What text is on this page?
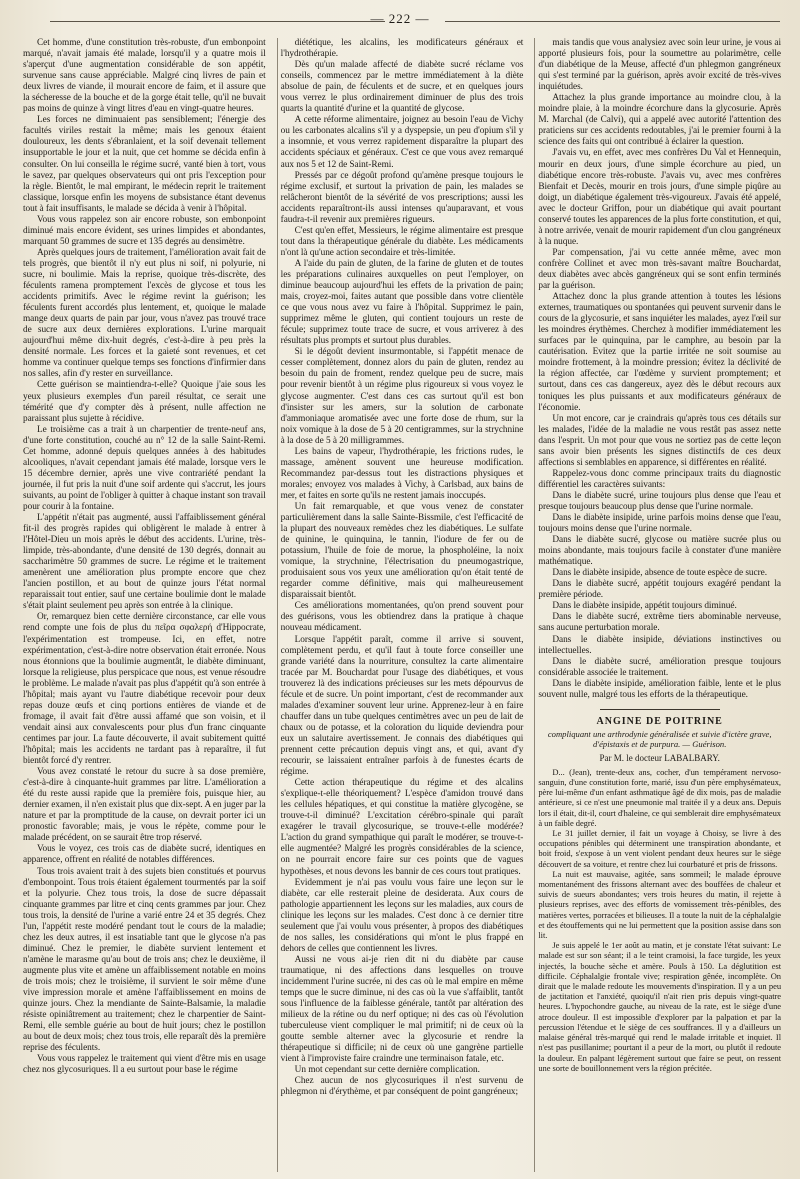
— 222 —

Cet homme, d'une constitution très-robuste, d'un embonpoint marqué, n'avait jamais été malade, lorsqu'il y a quatre mois il s'aperçut d'une augmentation considérable de son appétit, survenue sans cause appréciable. Malgré cinq livres de pain et deux livres de viande, il mourait encore de faim, et il assure que la sécheresse de la bouche et de la gorge était telle, qu'il ne buvait pas moins de quinze à vingt litres d'eau en vingt-quatre heures.

Les forces ne diminuaient pas sensiblement; l'énergie des facultés viriles restait la même; mais les genoux étaient douloureux, les dents s'ébranlaient, et la soif devenait tellement insupportable le jour et la nuit, que cet homme se décida enfin à consulter. On lui conseilla le régime sucré, vanté bien à tort, vous le savez, par quelques observateurs qui ont pris l'exception pour la règle. Bientôt, le mal empirant, le médecin reprit le traitement classique, lorsque enfin les moyens de subsistance étant devenus tout à fait insuffisants, le malade se décida à venir à l'hôpital.

Vous vous rappelez son air encore robuste, son embonpoint diminué mais encore évident, ses urines limpides et abondantes, marquant 50 grammes de sucre et 135 degrés au densimètre.

Après quelques jours de traitement, l'amélioration avait fait de tels progrès, que bientôt il n'y eut plus ni soif, ni polyurie, ni sucre, ni boulimie. Mais la reprise, quoique très-discrète, des féculents ramena promptement l'excès de glycose et tous les accidents primitifs. Avec le régime revint la guérison; les féculents furent accordés plus lentement, et, quoique le malade mange deux quarts de pain par jour, vous n'avez pas trouvé trace de sucre aux deux dernières explorations. L'urine marquait aujourd'hui même dix-huit degrés, c'est-à-dire à peu près la densité normale. Les forces et la gaieté sont revenues, et cet homme va continuer quelque temps ses fonctions d'infirmier dans nos salles, afin d'y rester en surveillance.

Cette guérison se maintiendra-t-elle? Quoique j'aie sous les yeux plusieurs exemples d'un pareil résultat, ce serait une témérité que d'y compter dès à présent, nulle affection ne paraissant plus sujette à récidive.

Le troisième cas a trait à un charpentier de trente-neuf ans, d'une forte constitution, couché au n° 12 de la salle Saint-Remi. Cet homme, adonné depuis quelques années à des habitudes alcooliques, n'avait cependant jamais été malade, lorsque vers le 15 décembre dernier, après une vive contrariété pendant la journée, il fut pris la nuit d'une soif ardente qui s'accrut, les jours suivants, au point de l'obliger à quitter à chaque instant son travail pour courir à la fontaine.

L'appétit n'était pas augmenté, aussi l'affaiblissement général fit-il des progrès rapides qui obligèrent le malade à entrer à l'Hôtel-Dieu un mois après le début des accidents. L'urine, très-limpide, très-abondante, d'une densité de 130 degrés, donnait au saccharimètre 50 grammes de sucre. Le régime et le traitement amenèrent une amélioration plus prompte encore que chez l'ancien postillon, et au bout de quinze jours l'état normal reparaissait tout entier, sauf une certaine boulimie dont le malade s'était plaint seulement peu après son entrée à la clinique.

Or, remarquez bien cette dernière circonstance, car elle vous rend compte une fois de plus du πεῖρα σφαλερή d'Hippocrate, l'expérimentation est trompeuse. Ici, en effet, notre expérimentation, c'est-à-dire notre observation était erronée. Nous nous étonnions que la boulimie augmentât, le diabète diminuant, lorsque la religieuse, plus perspicace que nous, est venue résoudre le problème. Le malade n'avait pas plus d'appétit qu'à son entrée à l'hôpital; mais ayant vu l'autre diabétique recevoir pour deux repas douze œufs et cinq portions entières de viande et de fromage, il avait fait d'être aussi affamé que son voisin, et il vendait ainsi aux convalescents pour plus d'un franc cinquante centimes par jour. La faute découverte, il avait subitement quitté l'hôpital; mais les accidents ne tardant pas à reparaître, il fut bientôt forcé d'y rentrer.

Vous avez constaté le retour du sucre à sa dose première, c'est-à-dire à cinquante-huit grammes par litre. L'amélioration a été du reste aussi rapide que la première fois, puisque hier, au dernier examen, il n'en existait plus que dix-sept. A en juger par la nature et par la promptitude de la cause, on devrait porter ici un pronostic favorable; mais, je vous le répète, comme pour le malade précédent, on se saurait être trop réservé.

Vous le voyez, ces trois cas de diabète sucré, identiques en apparence, offrent en réalité de notables différences.

Tous trois avaient trait à des sujets bien constitués et pourvus d'embonpoint. Tous trois étaient également tourmentés par la soif et la polyurie. Chez tous trois, la dose de sucre dépassait cinquante grammes par litre et cinq cents grammes par jour. Chez tous trois, la densité de l'urine a varié entre 24 et 35 degrés. Chez l'un, l'appétit reste modéré pendant tout le cours de la maladie; chez les deux autres, il est insatiable tant que le glycose n'a pas diminué. Chez le premier, le diabète survient lentement et n'amène le marasme qu'au bout de trois ans; chez le deuxième, il augmente plus vite et amène un affaiblissement notable en moins de trois mois; chez le troisième, il survient le soir même d'une vive impression morale et amène l'affaiblissement en moins de quinze jours. Chez la mendiante de Sainte-Balsamie, la maladie résiste opiniâtrement au traitement; chez le charpentier de Saint-Remi, elle semble guérie au bout de huit jours; chez le postillon au bout de deux mois; chez tous trois, elle reparaît dès la première reprise des féculents.

Vous vous rappelez le traitement qui vient d'être mis en usage chez nos glycosuriques. Il a eu surtout pour base le régime

diététique, les alcalins, les modificateurs généraux et l'hydrothérapie.

Dès qu'un malade affecté de diabète sucré réclame vos conseils, commencez par le mettre immédiatement à la diète absolue de pain, de féculents et de sucre, et en quelques jours vous verrez le plus ordinairement diminuer de plus des trois quarts la quantité d'urine et la quantité de glycose.

A cette réforme alimentaire, joignez au besoin l'eau de Vichy ou les carbonates alcalins s'il y a dyspepsie, un peu d'opium s'il y a insomnie, et vous verrez rapidement disparaître la plupart des accidents spéciaux et généraux. C'est ce que vous avez remarqué aux nos 5 et 12 de Saint-Remi.

Pressés par ce dégoût profond qu'amène presque toujours le régime exclusif, et surtout la privation de pain, les malades se relâcheront bientôt de la sévérité de vos prescriptions; aussi les accidents reparaîtront-ils aussi intenses qu'auparavant, et vous faudra-t-il revenir aux premières rigueurs.

C'est qu'en effet, Messieurs, le régime alimentaire est presque tout dans la thérapeutique générale du diabète. Les médicaments n'ont là qu'une action secondaire et très-limitée.

A l'aide du pain de gluten, de la farine de gluten et de toutes les préparations culinaires auxquelles on peut l'employer, on diminue beaucoup aujourd'hui les effets de la privation de pain; mais, croyez-moi, faites autant que possible dans votre clientèle ce que vous nous avez vu faire à l'hôpital. Supprimez le pain, supprimez même le gluten, qui contient toujours un reste de fécule; supprimez toute trace de sucre, et vous arriverez à des résultats plus prompts et surtout plus durables.

Si le dégoût devient insurmontable, si l'appétit menace de cesser complètement, donnez alors du pain de gluten, rendez au besoin du pain de froment, rendez quelque peu de sucre, mais pour revenir bientôt à un régime plus rigoureux si vous voyez le glycose augmenter. C'est dans ces cas surtout qu'il est bon d'insister sur les amers, sur la solution de carbonate d'ammoniaque aromatisée avec une forte dose de rhum, sur la noix vomique à la dose de 5 à 20 centigrammes, sur la strychnine à la dose de 5 à 20 milligrammes.

Les bains de vapeur, l'hydrothérapie, les frictions rudes, le massage, amènent souvent une heureuse modification. Recommandez par-dessus tout les distractions physiques et morales; envoyez vos malades à Vichy, à Carlsbad, aux bains de mer, et faites en sorte qu'ils ne restent jamais inoccupés.

Un fait remarquable, et que vous venez de constater particulièrement dans la salle Sainte-Bissmile, c'est l'efficacité de la plupart des nouveaux remèdes chez les diabétiques. Le sulfate de quinine, le quinquina, le tannin, l'iodure de fer ou de potassium, l'huile de foie de morue, la phospholéine, la noix vomique, la strychnine, l'électrisation du pneumogastrique, produisaient sous vos yeux une amélioration qu'on était tenté de regarder comme définitive, mais qui malheureusement disparaissait bientôt.

Ces améliorations momentanées, qu'on prend souvent pour des guérisons, vous les obtiendrez dans la pratique à chaque nouveau médicament.

Lorsque l'appétit paraît, comme il arrive si souvent, complètement perdu, et qu'il faut à toute force conseiller une grande variété dans la nourriture, consultez la carte alimentaire tracée par M. Bouchardat pour l'usage des diabétiques, et vous trouverez là des indications précieuses sur les mets dépourvus de fécule et de sucre. Un point important, c'est de recommander aux malades d'examiner souvent leur urine. Apprenez-leur à en faire chauffer dans un tube quelques centimètres avec un peu de lait de chaux ou de potasse, et la coloration du liquide deviendra pour eux un salutaire avertissement. Je connais des diabétiques qui prennent cette précaution depuis vingt ans, et qui, avant d'y recourir, se laissaient entraîner parfois à de funestes écarts de régime.

Cette action thérapeutique du régime et des alcalins s'explique-t-elle théoriquement? L'espèce d'amidon trouvé dans les cellules hépatiques, et qui constitue la matière glycogène, se trouve-t-il diminué? L'excitation cérébro-spinale qui paraît exagérer le travail glycosurique, se trouve-t-elle modérée? L'action du grand sympathique qui paraît le modérer, se trouve-t-elle augmentée? Malgré les progrès considérables de la science, on ne pourrait encore faire sur ces points que de vagues hypothèses, et nous devons les bannir de ces cours tout pratiques.

Evidemment je n'ai pas voulu vous faire une leçon sur le diabète, car elle resterait pleine de desiderata. Aux cours de pathologie appartiennent les leçons sur les maladies, aux cours de clinique les leçons sur les malades. C'est donc à ce dernier titre seulement que j'ai voulu vous présenter, à propos des diabétiques de nos salles, les considérations qui m'ont le plus frappé en dehors de celles que contiennent les livres.

Aussi ne vous ai-je rien dit ni du diabète par cause traumatique, ni des affections dans lesquelles on trouve incidemment l'urine sucrée, ni des cas où le mal empire en même temps que le sucre diminue, ni des cas où la vue s'affaiblit, tantôt sous l'influence de la faiblesse générale, tantôt par altération des milieux de la rétine ou du nerf optique; ni des cas où l'évolution tuberculeuse vient compliquer le mal primitif; ni de ceux où la goutte semble alterner avec la glycosurie et rendre la thérapeutique si difficile; ni de ceux où une gangrène partielle vient à l'improviste faire craindre une terminaison fatale, etc.

Un mot cependant sur cette dernière complication.

Chez aucun de nos glycosuriques il n'est survenu de phlegmon ni d'érythème, et par conséquent de point gangréneux;

mais tandis que vous analysiez avec soin leur urine, je vous ai apporté plusieurs fois, pour la soumettre au polarimètre, celle d'un diabétique de la Meuse, affecté d'un phlegmon gangréneux qui s'est terminé par la guérison, après avoir excité de très-vives inquiétudes.

Attachez la plus grande importance au moindre clou, à la moindre plaie, à la moindre écorchure dans la glycosurie. Après M. Marchal (de Calvi), qui a appelé avec autorité l'attention des praticiens sur ces accidents redoutables, j'ai le premier fourni à la science des faits qui ont contribué à éclairer la question.

J'avais vu, en effet, avec mes confrères Du Val et Hennequin, mourir en deux jours, d'une simple écorchure au pied, un diabétique encore très-robuste. J'avais vu, avec mes confrères Bienfait et Decès, mourir en trois jours, d'une simple piqûre au doigt, un diabétique également très-vigoureux. J'avais été appelé, avec le docteur Griffon, pour un diabétique qui avait pourtant conservé toutes les apparences de la plus forte constitution, et qui, à notre arrivée, venait de mourir rapidement d'un clou gangréneux à la nuque.

Par compensation, j'ai vu cette année même, avec mon confrère Collinet et avec mon très-savant maître Bouchardat, deux diabètes avec abcès gangréneux qui se sont enfin terminés par la guérison.

Attachez donc la plus grande attention à toutes les lésions externes, traumatiques ou spontanées qui peuvent survenir dans le cours de la glycosurie, et sans inquiéter les malades, ayez l'œil sur les moindres érythèmes. Cherchez à modifier immédiatement les surfaces par le quinquina, par le camphre, au besoin par la cautérisation. Evitez que la partie irritée ne soit soumise au moindre frottement, à la moindre pression; évitez la déclivité de la région affectée, car l'œdème y survient promptement; et surtout, dans ces cas dangereux, ayez dès le début recours aux toniques les plus puissants et aux modificateurs généraux de l'économie.

Un mot encore, car je craindrais qu'après tous ces détails sur les malades, l'idée de la maladie ne vous restât pas assez nette dans l'esprit. Un mot pour que vous ne sortiez pas de cette leçon sans avoir bien présents les signes distinctifs de ces deux affections si semblables en apparence, si différentes en réalité.

Rappelez-vous donc comme principaux traits du diagnostic différentiel les caractères suivants:

Dans le diabète sucré, urine toujours plus dense que l'eau et presque toujours beaucoup plus dense que l'urine normale.

Dans le diabète insipide, urine parfois moins dense que l'eau, toujours moins dense que l'urine normale.

Dans le diabète sucré, glycose ou matière sucrée plus ou moins abondante, mais toujours facile à constater d'une manière mathématique.

Dans le diabète insipide, absence de toute espèce de sucre.

Dans le diabète sucré, appétit toujours exagéré pendant la première période.

Dans le diabète insipide, appétit toujours diminué.

Dans le diabète sucré, extrême tiers abominable nerveuse, sans aucune perturbation morale.

Dans le diabète insipide, déviations instinctives ou intellectuelles.

Dans le diabète sucré, amélioration presque toujours considérable associée le traitement.

Dans le diabète insipide, amélioration faible, lente et le plus souvent nulle, malgré tous les efforts de la thérapeutique.

ANGINE DE POITRINE
compliquant une arthrodynie généralisée et suivie d'ictère grave, d'épistaxis et de purpura. — Guérison.
Par M. le docteur LABALBARY.

D... (Jean), trente-deux ans, cocher, d'un tempérament nervoso-sanguin, d'une constitution forte, marié, issu d'un père emphysémateux, père lui-même d'un enfant asthmatique âgé de dix mois, pas de maladie antérieure, si ce n'est une pneumonie mal traitée il y a deux ans. Depuis lors il était, dit-il, court d'haleine, ce qui semblerait dire emphysémateux à un faible degré.

Le 31 juillet dernier, il fait un voyage à Choisy, se livre à des occupations pénibles qui déterminent une transpiration abondante, et boit froid, s'expose à un vent violent pendant deux heures sur le siège découvert de sa voiture, et rentre chez lui courbaturé et pris de frissons.

La nuit est mauvaise, agitée, sans sommeil; le malade éprouve momentanément des frissons alternant avec des bouffées de chaleur et suivis de sueurs abondantes; vers trois heures du matin, il rejette à plusieurs reprises, avec des efforts de vomissement très-pénibles, des matières vertes, porracées et bilieuses. Il a toute la nuit de la céphalalgie et des étouffements qui ne lui permettent que la position assise dans son lit.

Je suis appelé le 1er août au matin, et je constate l'état suivant: Le malade est sur son séant; il a le teint cramoisi, la face turgide, les yeux injectés, la bouche sèche et amère. Pouls à 150. La déglutition est difficile. Céphalalgie frontale vive; respiration gênée, incomplète. On dirait que le malade redoute les mouvements d'inspiration. Il y a un peu de jactitation et l'anxiété, quoiqu'il n'ait rien pris depuis vingt-quatre heures. L'hypochondre gauche, au niveau de la rate, est le siège d'une atroce douleur. Il est impossible d'explorer par la palpation et par la percussion l'étendue et le siège de ces souffrances. Il y a d'ailleurs un malaise général très-marqué qui rend le malade irritable et inquiet. Il n'est pas pusillanime; pourtant il a peur de la mort, ou plutôt il redoute la douleur. En palpant légèrement surtout que faire se peut, on ressent une sorte de bouillonnement vers la région précitée.
